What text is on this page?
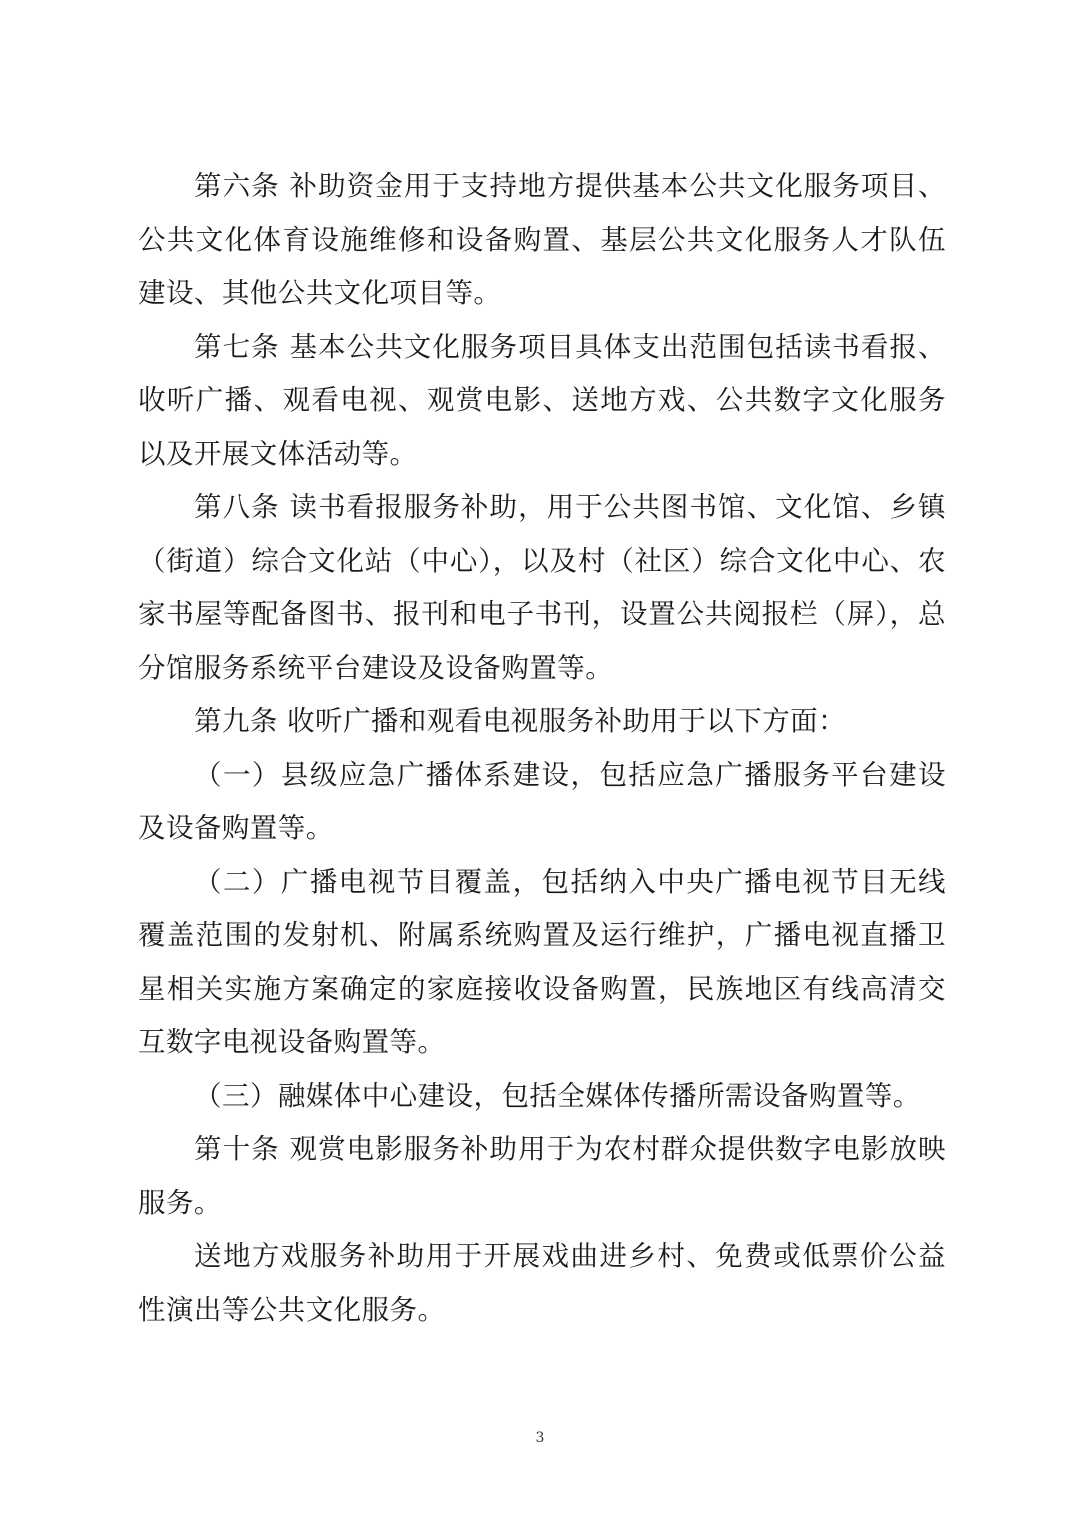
第六条 补助资金用于支持地方提供基本公共文化服务项目、公共文化体育设施维修和设备购置、基层公共文化服务人才队伍建设、其他公共文化项目等。

第七条 基本公共文化服务项目具体支出范围包括读书看报、收听广播、观看电视、观赏电影、送地方戏、公共数字文化服务以及开展文体活动等。

第八条 读书看报服务补助，用于公共图书馆、文化馆、乡镇（街道）综合文化站（中心），以及村（社区）综合文化中心、农家书屋等配备图书、报刊和电子书刊，设置公共阅报栏（屏），总分馆服务系统平台建设及设备购置等。

第九条 收听广播和观看电视服务补助用于以下方面：

（一）县级应急广播体系建设，包括应急广播服务平台建设及设备购置等。

（二）广播电视节目覆盖，包括纳入中央广播电视节目无线覆盖范围的发射机、附属系统购置及运行维护，广播电视直播卫星相关实施方案确定的家庭接收设备购置，民族地区有线高清交互数字电视设备购置等。

（三）融媒体中心建设，包括全媒体传播所需设备购置等。

第十条 观赏电影服务补助用于为农村群众提供数字电影放映服务。

送地方戏服务补助用于开展戏曲进乡村、免费或低票价公益性演出等公共文化服务。

3
